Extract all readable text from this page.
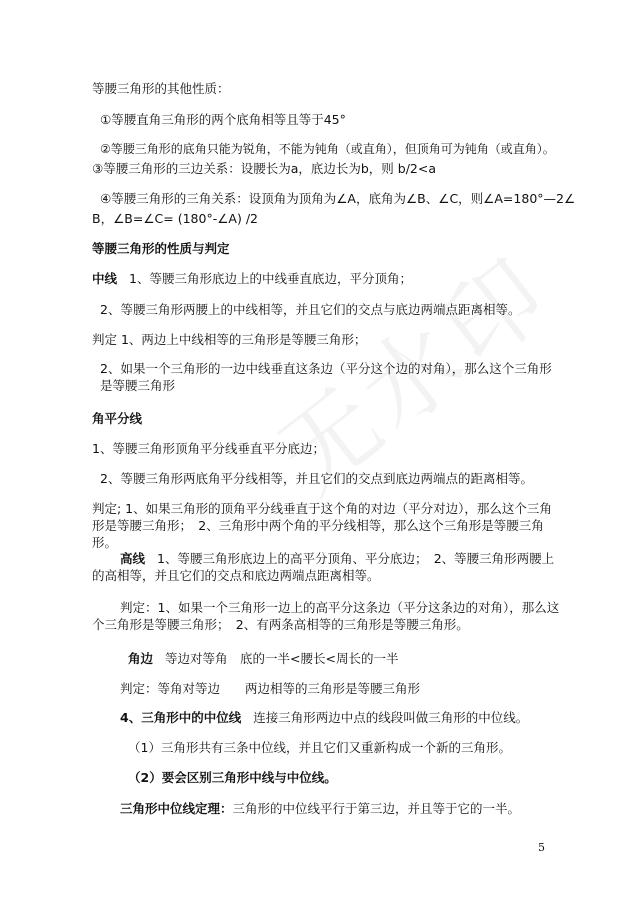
等腰三角形的其他性质：
①等腰直角三角形的两个底角相等且等于45°
②等腰三角形的底角只能为锐角，不能为钝角（或直角），但顶角可为钝角（或直角）。
③等腰三角形的三边关系：设腰长为a，底边长为b，则 b/2<a
④等腰三角形的三角关系：设顶角为顶角为∠A，底角为∠B、∠C，则∠A=180°—2∠
B，∠B=∠C= (180°-∠A) /2
等腰三角形的性质与判定
中线 1、等腰三角形底边上的中线垂直底边，平分顶角；
2、等腰三角形两腰上的中线相等，并且它们的交点与底边两端点距离相等。
判定 1、两边上中线相等的三角形是等腰三角形；
2、如果一个三角形的一边中线垂直这条边（平分这个边的对角），那么这个三角形是等腰三角形
角平分线
1、等腰三角形顶角平分线垂直平分底边；
2、等腰三角形两底角平分线相等，并且它们的交点到底边两端点的距离相等。
判定; 1、如果三角形的顶角平分线垂直于这个角的对边（平分对边），那么这个三角形是等腰三角形；　2、三角形中两个角的平分线相等，那么这个三角形是等腰三角形。
高线 1、等腰三角形底边上的高平分顶角、平分底边；　2、等腰三角形两腰上的高相等，并且它们的交点和底边两端点距离相等。
判定：1、如果一个三角形一边上的高平分这条边（平分这条边的对角），那么这个三角形是等腰三角形；　2、有两条高相等的三角形是等腰三角形。
角边 等边对等角　底的一半<腰长<周长的一半
判定：等角对等边　　两边相等的三角形是等腰三角形
4、三角形中的中位线 连接三角形两边中点的线段叫做三角形的中位线。
（1）三角形共有三条中位线，并且它们又重新构成一个新的三角形。
（2）要会区别三角形中线与中位线。
三角形中位线定理：三角形的中位线平行于第三边，并且等于它的一半。
5
